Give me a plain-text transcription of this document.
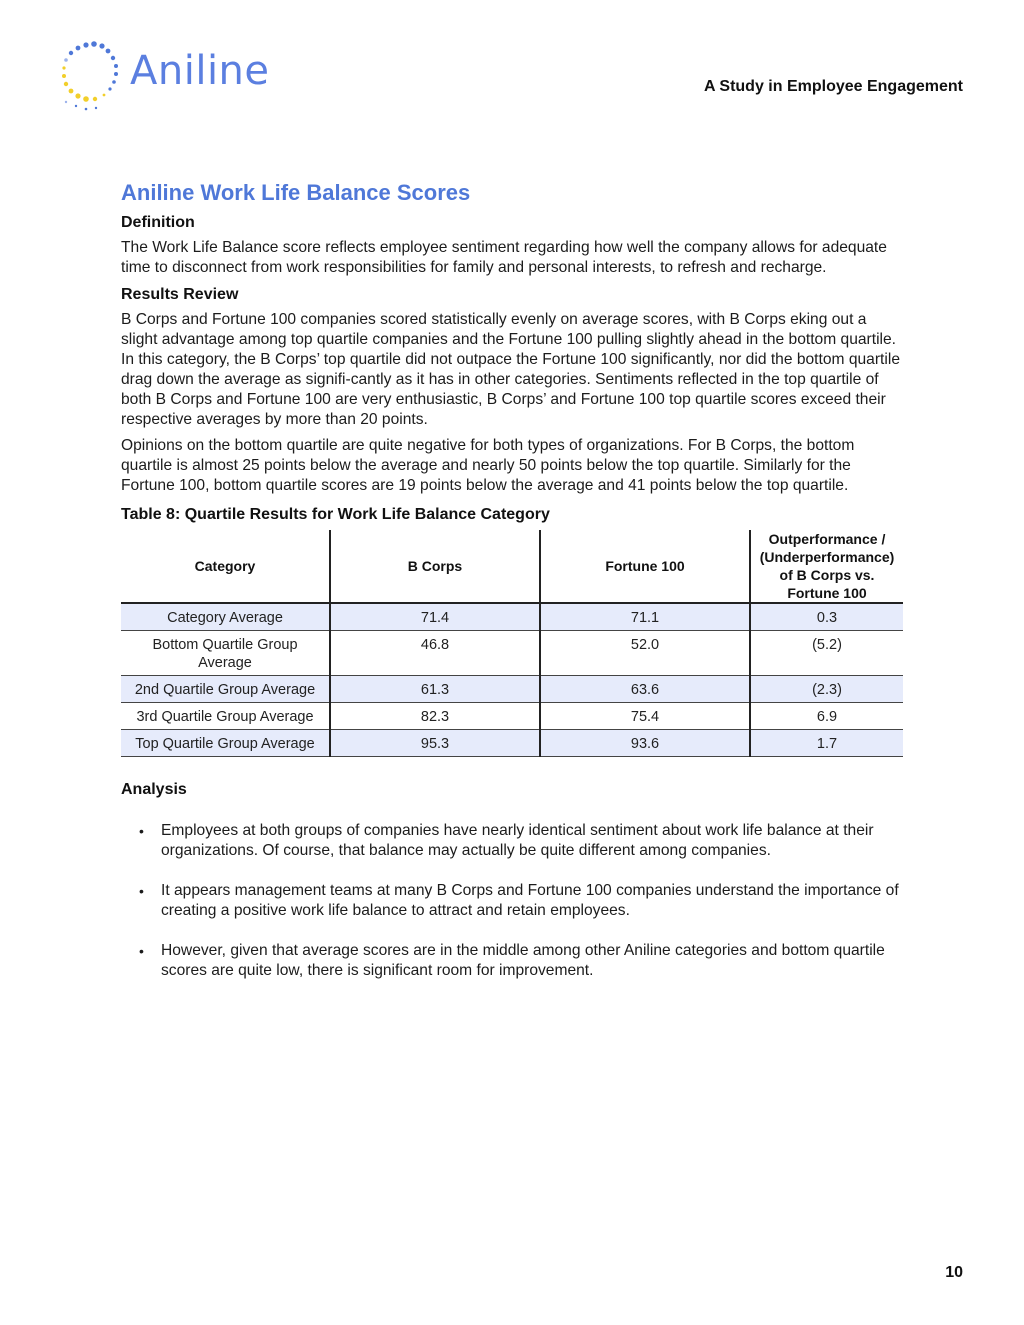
Aniline	A Study in Employee Engagement
Aniline Work Life Balance Scores
Definition

The Work Life Balance score reflects employee sentiment regarding how well the company allows for adequate time to disconnect from work responsibilities for family and personal interests, to refresh and recharge.

Results Review

B Corps and Fortune 100 companies scored statistically evenly on average scores, with B Corps eking out a slight advantage among top quartile companies and the Fortune 100 pulling slightly ahead in the bottom quartile. In this category, the B Corps’ top quartile did not outpace the Fortune 100 significantly, nor did the bottom quartile drag down the average as signifi-cantly as it has in other categories. Sentiments reflected in the top quartile of both B Corps and Fortune 100 are very enthusiastic, B Corps’ and Fortune 100 top quartile scores exceed their respective averages by more than 20 points.

Opinions on the bottom quartile are quite negative for both types of organizations. For B Corps, the bottom quartile is almost 25 points below the average and nearly 50 points below the top quartile. Similarly for the Fortune 100, bottom quartile scores are 19 points below the average and 41 points below the top quartile.

Table 8: Quartile Results for Work Life Balance Category
Category	B Corps	Fortune 100	Outperformance / (Underperformance) of B Corps vs. Fortune 100
Category Average	71.4	71.1	0.3
Bottom Quartile Group Average	46.8	52.0	(5.2)
2nd Quartile Group Average	61.3	63.6	(2.3)
3rd Quartile Group Average	82.3	75.4	6.9
Top Quartile Group Average	95.3	93.6	1.7
Analysis
• Employees at both groups of companies have nearly identical sentiment about work life balance at their organizations. Of course, that balance may actually be quite different among companies.
• It appears management teams at many B Corps and Fortune 100 companies understand the importance of creating a positive work life balance to attract and retain employees.
• However, given that average scores are in the middle among other Aniline categories and bottom quartile scores are quite low, there is significant room for improvement.
10
